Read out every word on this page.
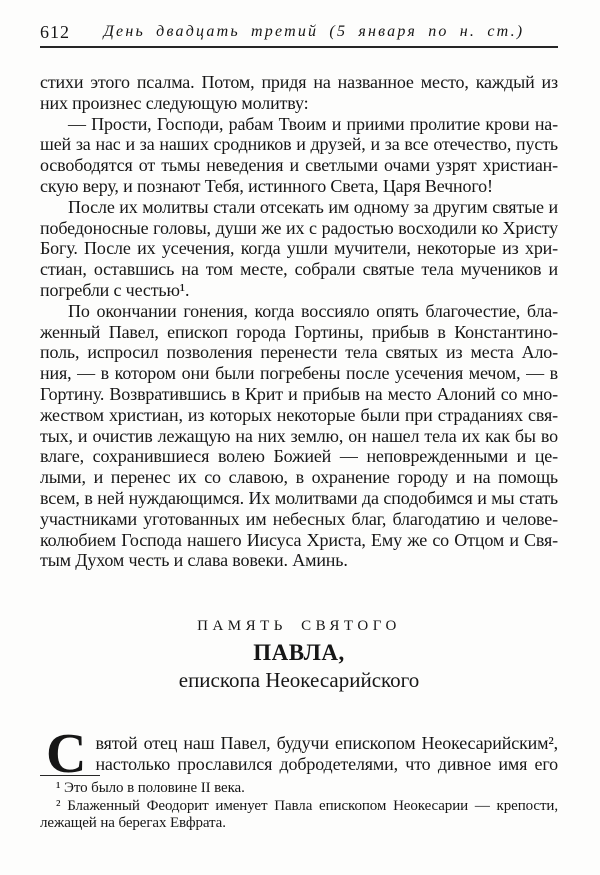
612	День двадцать третий (5 января по н. ст.)
стихи этого псалма. Потом, придя на названное место, каждый из
них произнес следующую молитву:
— Прости, Господи, рабам Твоим и приими пролитие крови на-
шей за нас и за наших сродников и друзей, и за все отечество, пусть
освободятся от тьмы неведения и светлыми очами узрят христиан-
скую веру, и познают Тебя, истинного Света, Царя Вечного!
После их молитвы стали отсекать им одному за другим святые и
победоносные головы, души же их с радостью восходили ко Христу
Богу. После их усечения, когда ушли мучители, некоторые из хри-
стиан, оставшись на том месте, собрали святые тела мучеников и
погребли с честью¹.
По окончании гонения, когда воссияло опять благочестие, бла-
женный Павел, епископ города Гортины, прибыв в Константино-
поль, испросил позволения перенести тела святых из места Ало-
ния, — в котором они были погребены после усечения мечом, — в
Гортину. Возвратившись в Крит и прибыв на место Алоний со мно-
жеством христиан, из которых некоторые были при страданиях свя-
тых, и очистив лежащую на них землю, он нашел тела их как бы во
влаге, сохранившиеся волею Божией — неповрежденными и це-
лыми, и перенес их со славою, в охранение городу и на помощь
всем, в ней нуждающимся. Их молитвами да сподобимся и мы стать
участниками уготованных им небесных благ, благодатию и челове-
колюбием Господа нашего Иисуса Христа, Ему же со Отцом и Свя-
тым Духом честь и слава вовеки. Аминь.
ПАМЯТЬ СВЯТОГО
ПАВЛА,
епископа Неокесарийского
С вятой отец наш Павел, будучи епископом Неокесарийским²,
настолько прославился добродетелями, что дивное имя его
¹ Это было в половине II века.
² Блаженный Феодорит именует Павла епископом Неокесарии — крепости,
лежащей на берегах Евфрата.
